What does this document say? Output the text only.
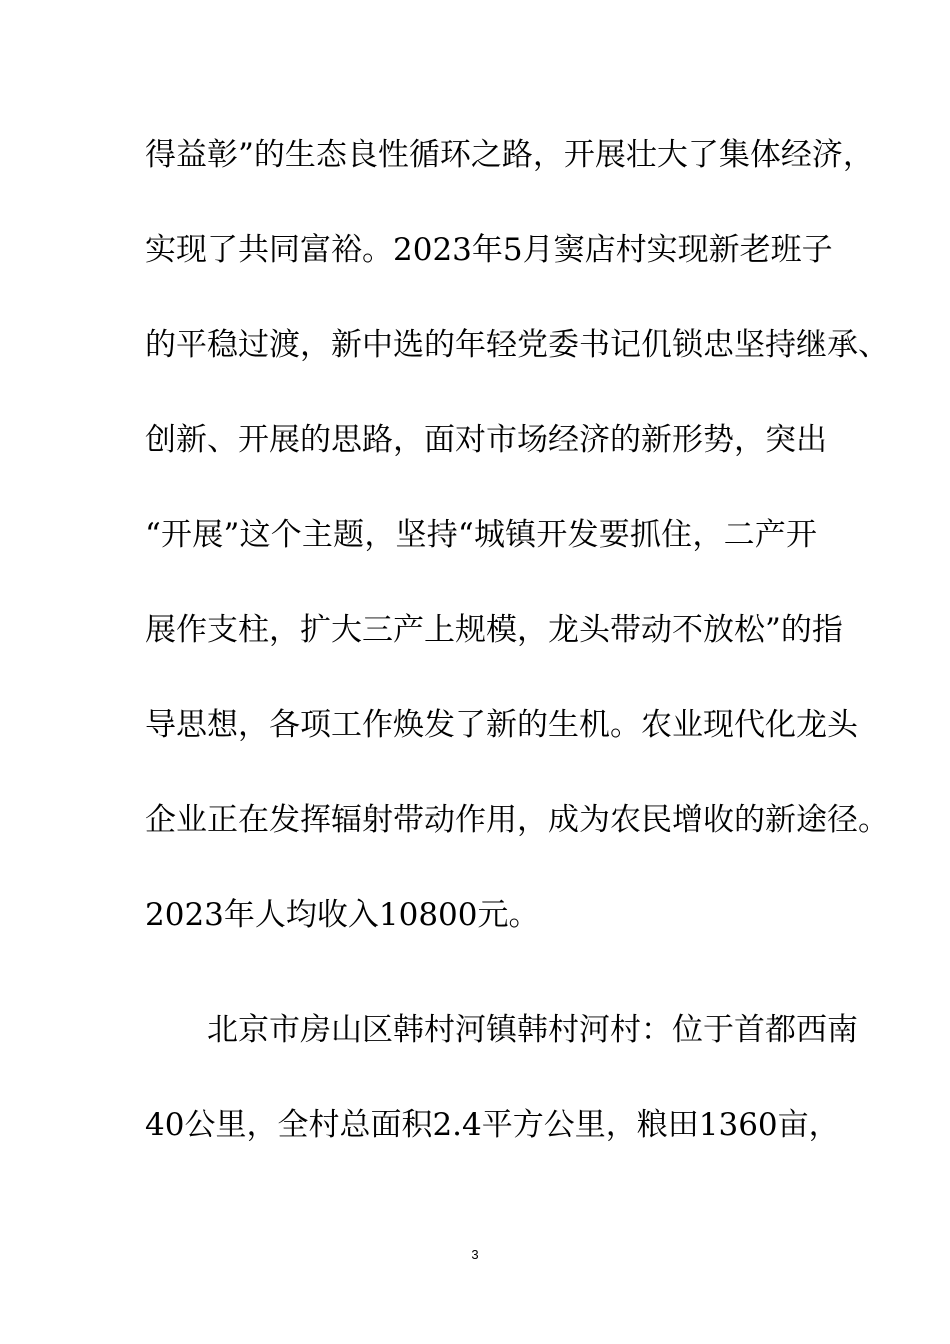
得益彰”的生态良性循环之路，开展壮大了集体经济，
实现了共同富裕。2023年5月窦店村实现新老班子
的平稳过渡，新中选的年轻党委书记仉锁忠坚持继承、
创新、开展的思路，面对市场经济的新形势，突出
“开展”这个主题，坚持“城镇开发要抓住，二产开
展作支柱，扩大三产上规模，龙头带动不放松”的指
导思想，各项工作焕发了新的生机。农业现代化龙头
企业正在发挥辐射带动作用，成为农民增收的新途径。
2023年人均收入10800元。
北京市房山区韩村河镇韩村河村：位于首都西南
40公里，全村总面积2.4平方公里，粮田1360亩，
3
